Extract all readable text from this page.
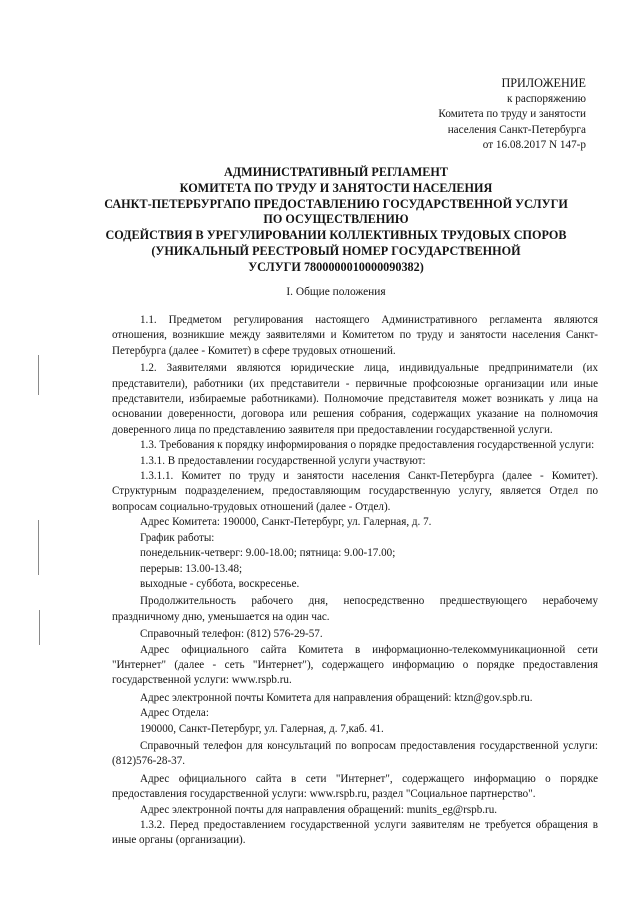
ПРИЛОЖЕНИЕ
к распоряжению
Комитета по труду и занятости
населения Санкт-Петербурга
от 16.08.2017 N 147-р
АДМИНИСТРАТИВНЫЙ РЕГЛАМЕНТ
КОМИТЕТА ПО ТРУДУ И ЗАНЯТОСТИ НАСЕЛЕНИЯ
САНКТ-ПЕТЕРБУРГАПО ПРЕДОСТАВЛЕНИЮ ГОСУДАРСТВЕННОЙ УСЛУГИ
ПО ОСУЩЕСТВЛЕНИЮ
СОДЕЙСТВИЯ В УРЕГУЛИРОВАНИИ КОЛЛЕКТИВНЫХ ТРУДОВЫХ СПОРОВ
(УНИКАЛЬНЫЙ РЕЕСТРОВЫЙ НОМЕР ГОСУДАРСТВЕННОЙ
УСЛУГИ 7800000010000090382)
I. Общие положения

1.1. Предметом регулирования настоящего Административного регламента являются отношения, возникшие между заявителями и Комитетом по труду и занятости населения Санкт-Петербурга (далее - Комитет) в сфере трудовых отношений.

1.2. Заявителями являются юридические лица, индивидуальные предприниматели (их представители), работники (их представители - первичные профсоюзные организации или иные представители, избираемые работниками). Полномочие представителя может возникать у лица на основании доверенности, договора или решения собрания, содержащих указание на полномочия доверенного лица по представлению заявителя при предоставлении государственной услуги.

1.3. Требования к порядку информирования о порядке предоставления государственной услуги:

1.3.1. В предоставлении государственной услуги участвуют:

1.3.1.1. Комитет по труду и занятости населения Санкт-Петербурга (далее - Комитет). Структурным подразделением, предоставляющим государственную услугу, является Отдел по вопросам социально-трудовых отношений (далее - Отдел).

Адрес Комитета: 190000, Санкт-Петербург, ул. Галерная, д. 7.

График работы:

понедельник-четверг: 9.00-18.00; пятница: 9.00-17.00;

перерыв: 13.00-13.48;

выходные - суббота, воскресенье.

Продолжительность рабочего дня, непосредственно предшествующего нерабочему праздничному дню, уменьшается на один час.

Справочный телефон: (812) 576-29-57.

Адрес официального сайта Комитета в информационно-телекоммуникационной сети "Интернет" (далее - сеть "Интернет"), содержащего информацию о порядке предоставления государственной услуги: www.rspb.ru.

Адрес электронной почты Комитета для направления обращений: ktzn@gov.spb.ru.

Адрес Отдела:

190000, Санкт-Петербург, ул. Галерная, д. 7,каб. 41.

Справочный телефон для консультаций по вопросам предоставления государственной услуги: (812)576-28-37.

Адрес официального сайта в сети "Интернет", содержащего информацию о порядке предоставления государственной услуги: www.rspb.ru, раздел "Социальное партнерство".

Адрес электронной почты для направления обращений: munits_eg@rspb.ru.

1.3.2. Перед предоставлением государственной услуги заявителям не требуется обращения в иные органы (организации).
